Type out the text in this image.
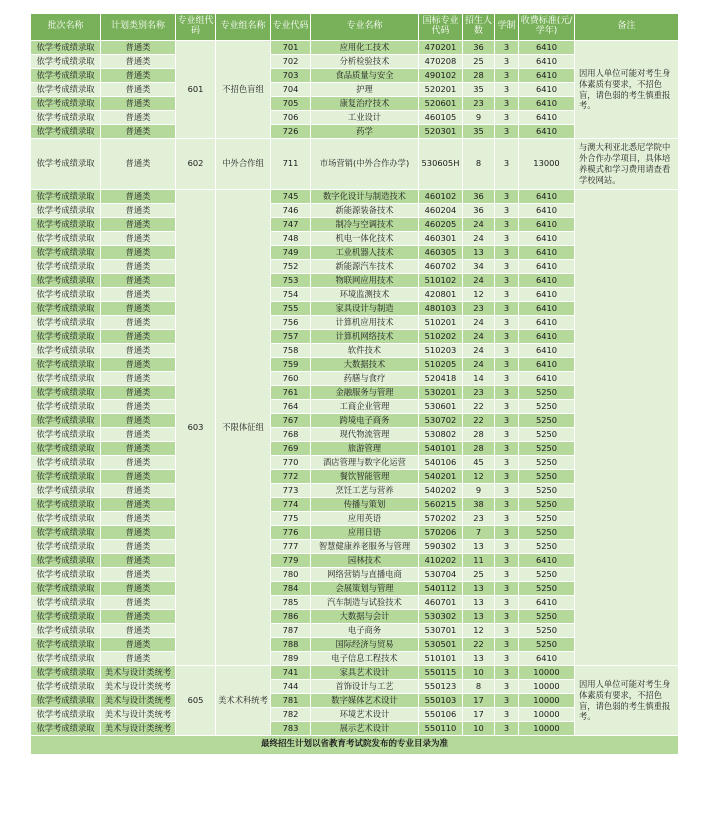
批次名称	计划类别名称	专业组代码	专业组名称	专业代码	专业名称	国标专业代码	招生人数	学制	收费标准(元/学年)	备注
依学考成绩录取	普通类	601	不招色盲组	701	应用化工技术	470201	36	3	6410	因用人单位可能对考生身体素质有要求，不招色盲，请色弱的考生慎重报考。
依学考成绩录取	普通类			702	分析检验技术	470208	25	3	6410	
依学考成绩录取	普通类			703	食品质量与安全	490102	28	3	6410	
依学考成绩录取	普通类			704	护理	520201	35	3	6410	
依学考成绩录取	普通类			705	康复治疗技术	520601	23	3	6410	
依学考成绩录取	普通类			706	工业设计	460105	9	3	6410	
依学考成绩录取	普通类			726	药学	520301	35	3	6410	
依学考成绩录取	普通类	602	中外合作组	711	市场营销(中外合作办学)	530605H	8	3	13000	与澳大利亚北悉尼学院中外合作办学项目，具体培养模式和学习费用请查看学校网站。
依学考成绩录取	普通类	603	不限体征组	745	数字化设计与制造技术	460102	36	3	6410	
依学考成绩录取	普通类			746	新能源装备技术	460204	36	3	6410	
依学考成绩录取	普通类			747	制冷与空调技术	460205	24	3	6410	
依学考成绩录取	普通类			748	机电一体化技术	460301	24	3	6410	
依学考成绩录取	普通类			749	工业机器人技术	460305	13	3	6410	
依学考成绩录取	普通类			752	新能源汽车技术	460702	34	3	6410	
依学考成绩录取	普通类			753	物联网应用技术	510102	24	3	6410	
依学考成绩录取	普通类			754	环境监测技术	420801	12	3	6410	
依学考成绩录取	普通类			755	家具设计与制造	480103	23	3	6410	
依学考成绩录取	普通类			756	计算机应用技术	510201	24	3	6410	
依学考成绩录取	普通类			757	计算机网络技术	510202	24	3	6410	
依学考成绩录取	普通类			758	软件技术	510203	24	3	6410	
依学考成绩录取	普通类			759	大数据技术	510205	24	3	6410	
依学考成绩录取	普通类			760	药膳与食疗	520418	14	3	6410	
依学考成绩录取	普通类			761	金融服务与管理	530201	23	3	5250	
依学考成绩录取	普通类			764	工商企业管理	530601	22	3	5250	
依学考成绩录取	普通类			767	跨境电子商务	530702	22	3	5250	
依学考成绩录取	普通类			768	现代物流管理	530802	28	3	5250	
依学考成绩录取	普通类			769	旅游管理	540101	28	3	5250	
依学考成绩录取	普通类			770	酒店管理与数字化运营	540106	45	3	5250	
依学考成绩录取	普通类			772	餐饮智能管理	540201	12	3	5250	
依学考成绩录取	普通类			773	烹饪工艺与营养	540202	9	3	5250	
依学考成绩录取	普通类			774	传播与策划	560215	38	3	5250	
依学考成绩录取	普通类			775	应用英语	570202	23	3	5250	
依学考成绩录取	普通类			776	应用日语	570206	7	3	5250	
依学考成绩录取	普通类			777	智慧健康养老服务与管理	590302	13	3	5250	
依学考成绩录取	普通类			779	园林技术	410202	11	3	6410	
依学考成绩录取	普通类			780	网络营销与直播电商	530704	25	3	5250	
依学考成绩录取	普通类			784	会展策划与管理	540112	13	3	5250	
依学考成绩录取	普通类			785	汽车制造与试验技术	460701	13	3	6410	
依学考成绩录取	普通类			786	大数据与会计	530302	13	3	5250	
依学考成绩录取	普通类			787	电子商务	530701	12	3	5250	
依学考成绩录取	普通类			788	国际经济与贸易	530501	22	3	5250	
依学考成绩录取	普通类			789	电子信息工程技术	510101	13	3	6410	
依学考成绩录取	美术与设计类统考	605	美术术科统考	741	家具艺术设计	550115	10	3	10000	因用人单位可能对考生身体素质有要求，不招色盲，请色弱的考生慎重报考。
依学考成绩录取	美术与设计类统考			744	首饰设计与工艺	550123	8	3	10000	
依学考成绩录取	美术与设计类统考			781	数字媒体艺术设计	550103	17	3	10000	
依学考成绩录取	美术与设计类统考			782	环境艺术设计	550106	17	3	10000	
依学考成绩录取	美术与设计类统考			783	展示艺术设计	550110	10	3	10000	
最终招生计划以省教育考试院发布的专业目录为准										
